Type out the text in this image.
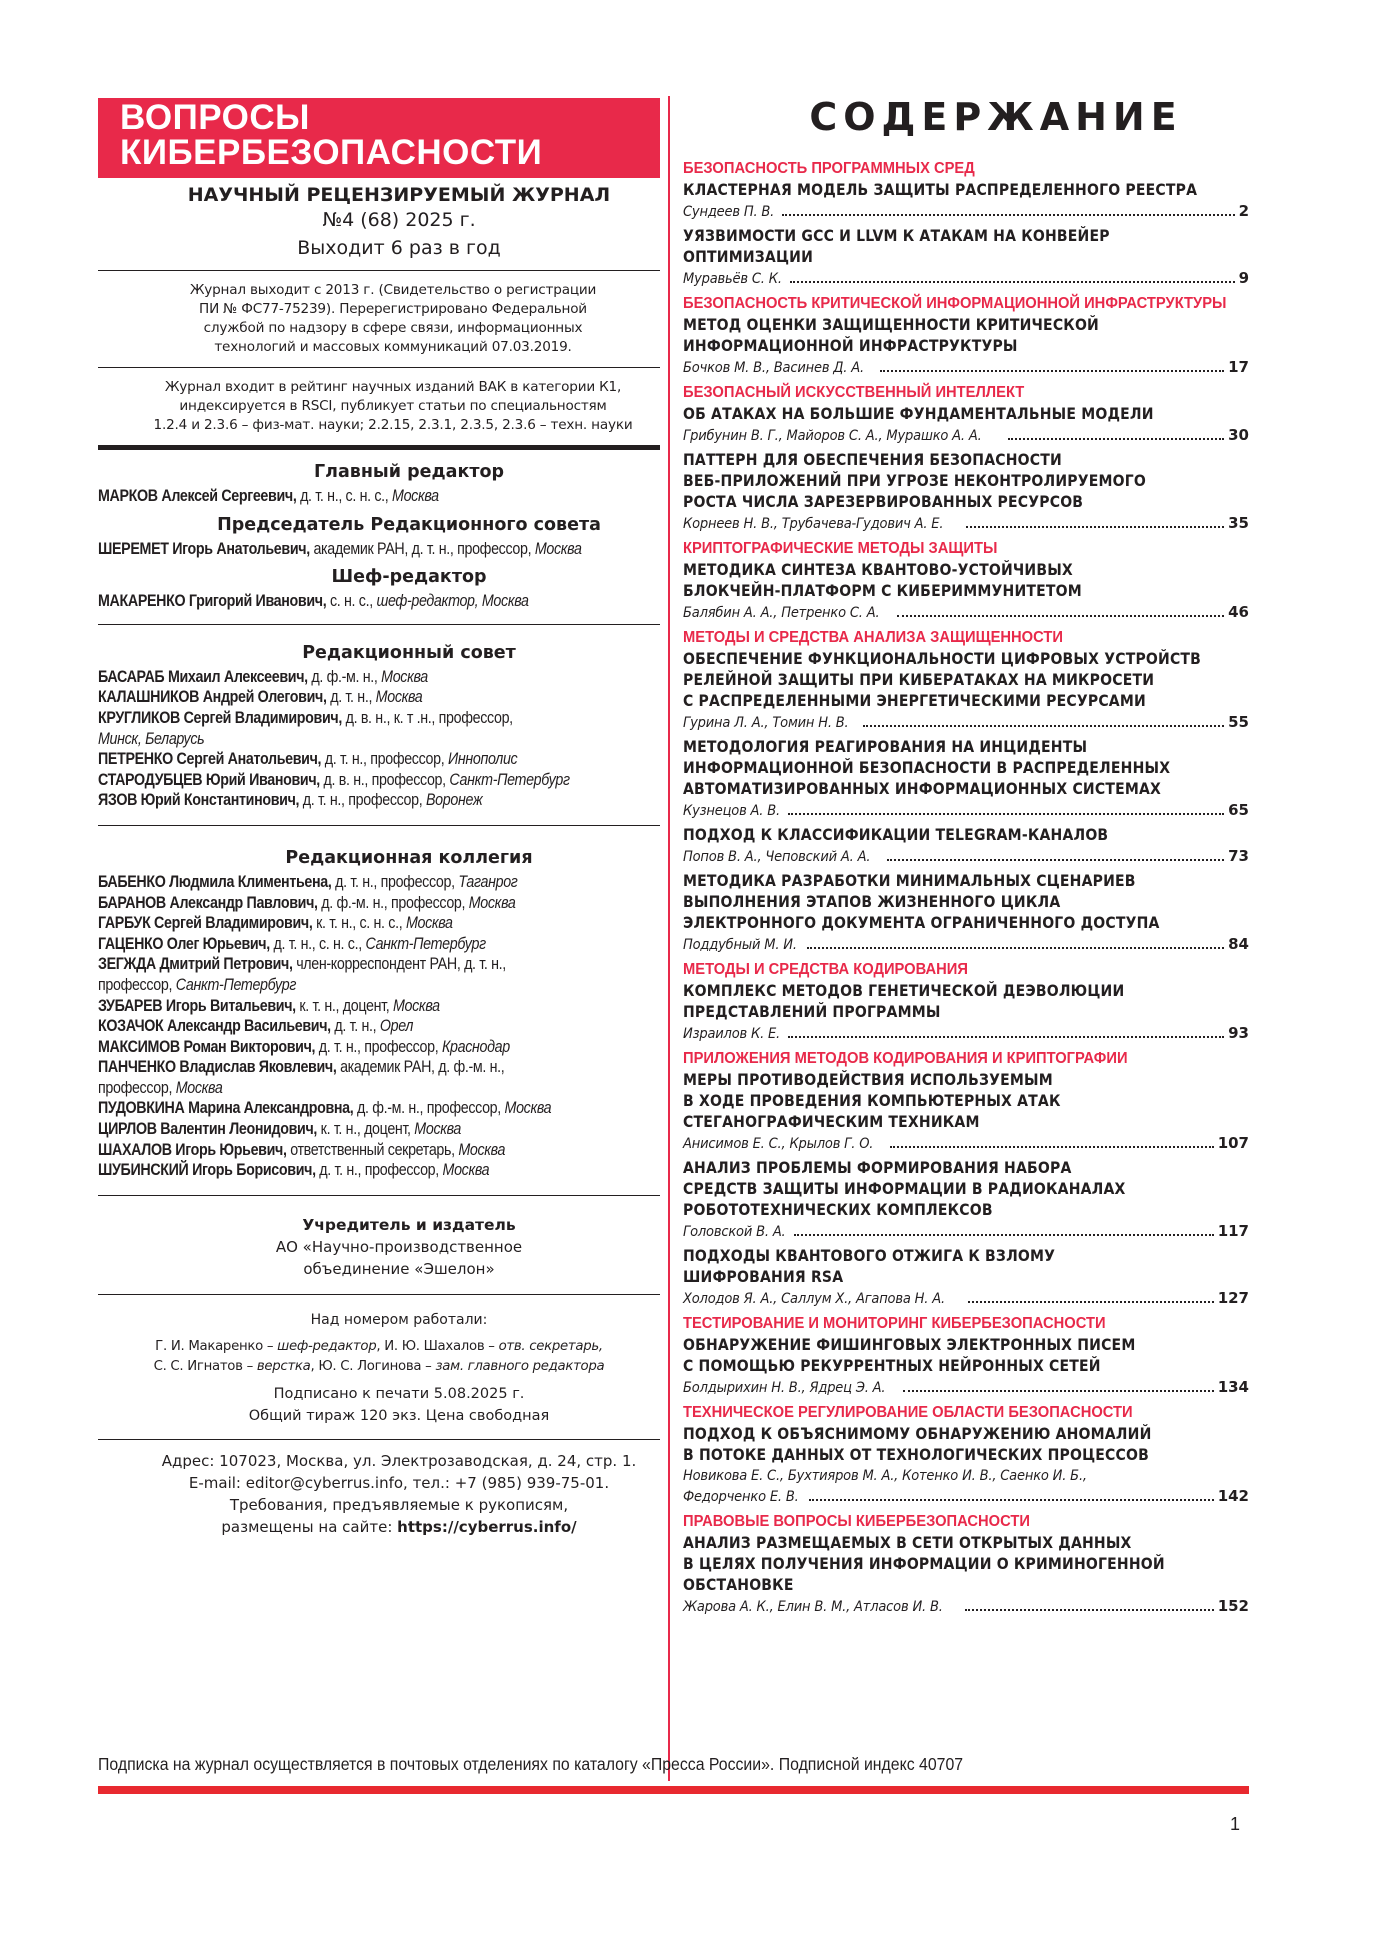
ВОПРОСЫ
КИБЕРБЕЗОПАСНОСТИ
НАУЧНЫЙ РЕЦЕНЗИРУЕМЫЙ ЖУРНАЛ
№4 (68) 2025 г.
Выходит 6 раз в год
Журнал выходит с 2013 г. (Свидетельство о регистрации
ПИ № ФС77-75239). Перерегистрировано Федеральной
службой по надзору в сфере связи, информационных
технологий и массовых коммуникаций 07.03.2019.
Журнал входит в рейтинг научных изданий ВАК в категории К1,
индексируется в RSCI, публикует статьи по специальностям
1.2.4 и 2.3.6 – физ-мат. науки; 2.2.15, 2.3.1, 2.3.5, 2.3.6 – техн. науки
Главный редактор
МАРКОВ Алексей Сергеевич, д. т. н., с. н. с., Москва
Председатель Редакционного совета
ШЕРЕМЕТ Игорь Анатольевич, академик РАН, д. т. н., профессор, Москва
Шеф-редактор
МАКАРЕНКО Григорий Иванович, с. н. с., шеф-редактор, Москва
Редакционный совет
БАСАРАБ Михаил Алексеевич, д. ф.-м. н., Москва
КАЛАШНИКОВ Андрей Олегович, д. т. н., Москва
КРУГЛИКОВ Сергей Владимирович, д. в. н., к. т .н., профессор,
Минск, Беларусь
ПЕТРЕНКО Сергей Анатольевич, д. т. н., профессор, Иннополис
СТАРОДУБЦЕВ Юрий Иванович, д. в. н., профессор, Санкт-Петербург
ЯЗОВ Юрий Константинович, д. т. н., профессор, Воронеж
Редакционная коллегия
БАБЕНКО Людмила Климентьена, д. т. н., профессор, Таганрог
БАРАНОВ Александр Павлович, д. ф.-м. н., профессор, Москва
ГАРБУК Сергей Владимирович, к. т. н., с. н. с., Москва
ГАЦЕНКО Олег Юрьевич, д. т. н., с. н. с., Санкт-Петербург
ЗЕГЖДА Дмитрий Петрович, член-корреспондент РАН, д. т. н.,
профессор, Санкт-Петербург
ЗУБАРЕВ Игорь Витальевич, к. т. н., доцент, Москва
КОЗАЧОК Александр Васильевич, д. т. н., Орел
МАКСИМОВ Роман Викторович, д. т. н., профессор, Краснодар
ПАНЧЕНКО Владислав Яковлевич, академик РАН, д. ф.-м. н.,
профессор, Москва
ПУДОВКИНА Марина Александровна, д. ф.-м. н., профессор, Москва
ЦИРЛОВ Валентин Леонидович, к. т. н., доцент, Москва
ШАХАЛОВ Игорь Юрьевич, ответственный секретарь, Москва
ШУБИНСКИЙ Игорь Борисович, д. т. н., профессор, Москва
Учредитель и издатель
АО «Научно-производственное
объединение «Эшелон»
Над номером работали:
Г. И. Макаренко – шеф-редактор, И. Ю. Шахалов – отв. секретарь,
С. С. Игнатов – верстка, Ю. С. Логинова – зам. главного редактора
Подписано к печати 5.08.2025 г.
Общий тираж 120 экз. Цена свободная
Адрес: 107023, Москва, ул. Электрозаводская, д. 24, стр. 1.
E-mail: editor@cyberrus.info, тел.: +7 (985) 939-75-01.
Требования, предъявляемые к рукописям,
размещены на сайте: https://cyberrus.info/
СОДЕРЖАНИЕ
БЕЗОПАСНОСТЬ ПРОГРАММНЫХ СРЕД
КЛАСТЕРНАЯ МОДЕЛЬ ЗАЩИТЫ РАСПРЕДЕЛЕННОГО РЕЕСТРА
Сундеев П. В.	2
УЯЗВИМОСТИ GCC И LLVM К АТАКАМ НА КОНВЕЙЕР
ОПТИМИЗАЦИИ
Муравьёв С. К.	9
БЕЗОПАСНОСТЬ КРИТИЧЕСКОЙ ИНФОРМАЦИОННОЙ ИНФРАСТРУКТУРЫ
МЕТОД ОЦЕНКИ ЗАЩИЩЕННОСТИ КРИТИЧЕСКОЙ
ИНФОРМАЦИОННОЙ ИНФРАСТРУКТУРЫ
Бочков М. В., Васинев Д. А.	17
БЕЗОПАСНЫЙ ИСКУССТВЕННЫЙ ИНТЕЛЛЕКТ
ОБ АТАКАХ НА БОЛЬШИЕ ФУНДАМЕНТАЛЬНЫЕ МОДЕЛИ
Грибунин В. Г., Майоров С. А., Мурашко А. А.	30
ПАТТЕРН ДЛЯ ОБЕСПЕЧЕНИЯ БЕЗОПАСНОСТИ
ВЕБ-ПРИЛОЖЕНИЙ ПРИ УГРОЗЕ НЕКОНТРОЛИРУЕМОГО
РОСТА ЧИСЛА ЗАРЕЗЕРВИРОВАННЫХ РЕСУРСОВ
Корнеев Н. В., Трубачева-Гудович А. Е.	35
КРИПТОГРАФИЧЕСКИЕ МЕТОДЫ ЗАЩИТЫ
МЕТОДИКА СИНТЕЗА КВАНТОВО-УСТОЙЧИВЫХ
БЛОКЧЕЙН-ПЛАТФОРМ С КИБЕРИММУНИТЕТОМ
Балябин А. А., Петренко С. А.	46
МЕТОДЫ И СРЕДСТВА АНАЛИЗА ЗАЩИЩЕННОСТИ
ОБЕСПЕЧЕНИЕ ФУНКЦИОНАЛЬНОСТИ ЦИФРОВЫХ УСТРОЙСТВ
РЕЛЕЙНОЙ ЗАЩИТЫ ПРИ КИБЕРАТАКАХ НА МИКРОСЕТИ
С РАСПРЕДЕЛЕННЫМИ ЭНЕРГЕТИЧЕСКИМИ РЕСУРСАМИ
Гурина Л. А., Томин Н. В.	55
МЕТОДОЛОГИЯ РЕАГИРОВАНИЯ НА ИНЦИДЕНТЫ
ИНФОРМАЦИОННОЙ БЕЗОПАСНОСТИ В РАСПРЕДЕЛЕННЫХ
АВТОМАТИЗИРОВАННЫХ ИНФОРМАЦИОННЫХ СИСТЕМАХ
Кузнецов А. В.	65
ПОДХОД К КЛАССИФИКАЦИИ TELEGRAM-КАНАЛОВ
Попов В. А., Чеповский А. А.	73
МЕТОДИКА РАЗРАБОТКИ МИНИМАЛЬНЫХ СЦЕНАРИЕВ
ВЫПОЛНЕНИЯ ЭТАПОВ ЖИЗНЕННОГО ЦИКЛА
ЭЛЕКТРОННОГО ДОКУМЕНТА ОГРАНИЧЕННОГО ДОСТУПА
Поддубный М. И.	84
МЕТОДЫ И СРЕДСТВА КОДИРОВАНИЯ
КОМПЛЕКС МЕТОДОВ ГЕНЕТИЧЕСКОЙ ДЕЭВОЛЮЦИИ
ПРЕДСТАВЛЕНИЙ ПРОГРАММЫ
Израилов К. Е.	93
ПРИЛОЖЕНИЯ МЕТОДОВ КОДИРОВАНИЯ И КРИПТОГРАФИИ
МЕРЫ ПРОТИВОДЕЙСТВИЯ ИСПОЛЬЗУЕМЫМ
В ХОДЕ ПРОВЕДЕНИЯ КОМПЬЮТЕРНЫХ АТАК
СТЕГАНОГРАФИЧЕСКИМ ТЕХНИКАМ
Анисимов Е. С., Крылов Г. О.	107
АНАЛИЗ ПРОБЛЕМЫ ФОРМИРОВАНИЯ НАБОРА
СРЕДСТВ ЗАЩИТЫ ИНФОРМАЦИИ В РАДИОКАНАЛАХ
РОБОТОТЕХНИЧЕСКИХ КОМПЛЕКСОВ
Головской В. А.	117
ПОДХОДЫ КВАНТОВОГО ОТЖИГА К ВЗЛОМУ
ШИФРОВАНИЯ RSA
Холодов Я. А., Саллум Х., Агапова Н. А.	127
ТЕСТИРОВАНИЕ И МОНИТОРИНГ КИБЕРБЕЗОПАСНОСТИ
ОБНАРУЖЕНИЕ ФИШИНГОВЫХ ЭЛЕКТРОННЫХ ПИСЕМ
С ПОМОЩЬЮ РЕКУРРЕНТНЫХ НЕЙРОННЫХ СЕТЕЙ
Болдырихин Н. В., Ядрец Э. А.	134
ТЕХНИЧЕСКОЕ РЕГУЛИРОВАНИЕ ОБЛАСТИ БЕЗОПАСНОСТИ
ПОДХОД К ОБЪЯСНИМОМУ ОБНАРУЖЕНИЮ АНОМАЛИЙ
В ПОТОКЕ ДАННЫХ ОТ ТЕХНОЛОГИЧЕСКИХ ПРОЦЕССОВ
Новикова Е. С., Бухтияров М. А., Котенко И. В., Саенко И. Б.,
Федорченко Е. В.	142
ПРАВОВЫЕ ВОПРОСЫ КИБЕРБЕЗОПАСНОСТИ
АНАЛИЗ РАЗМЕЩАЕМЫХ В СЕТИ ОТКРЫТЫХ ДАННЫХ
В ЦЕЛЯХ ПОЛУЧЕНИЯ ИНФОРМАЦИИ О КРИМИНОГЕННОЙ
ОБСТАНОВКЕ
Жарова А. К., Елин В. М., Атласов И. В.	152
Подписка на журнал осуществляется в почтовых отделениях по каталогу «Пресса России». Подписной индекс 40707
1
